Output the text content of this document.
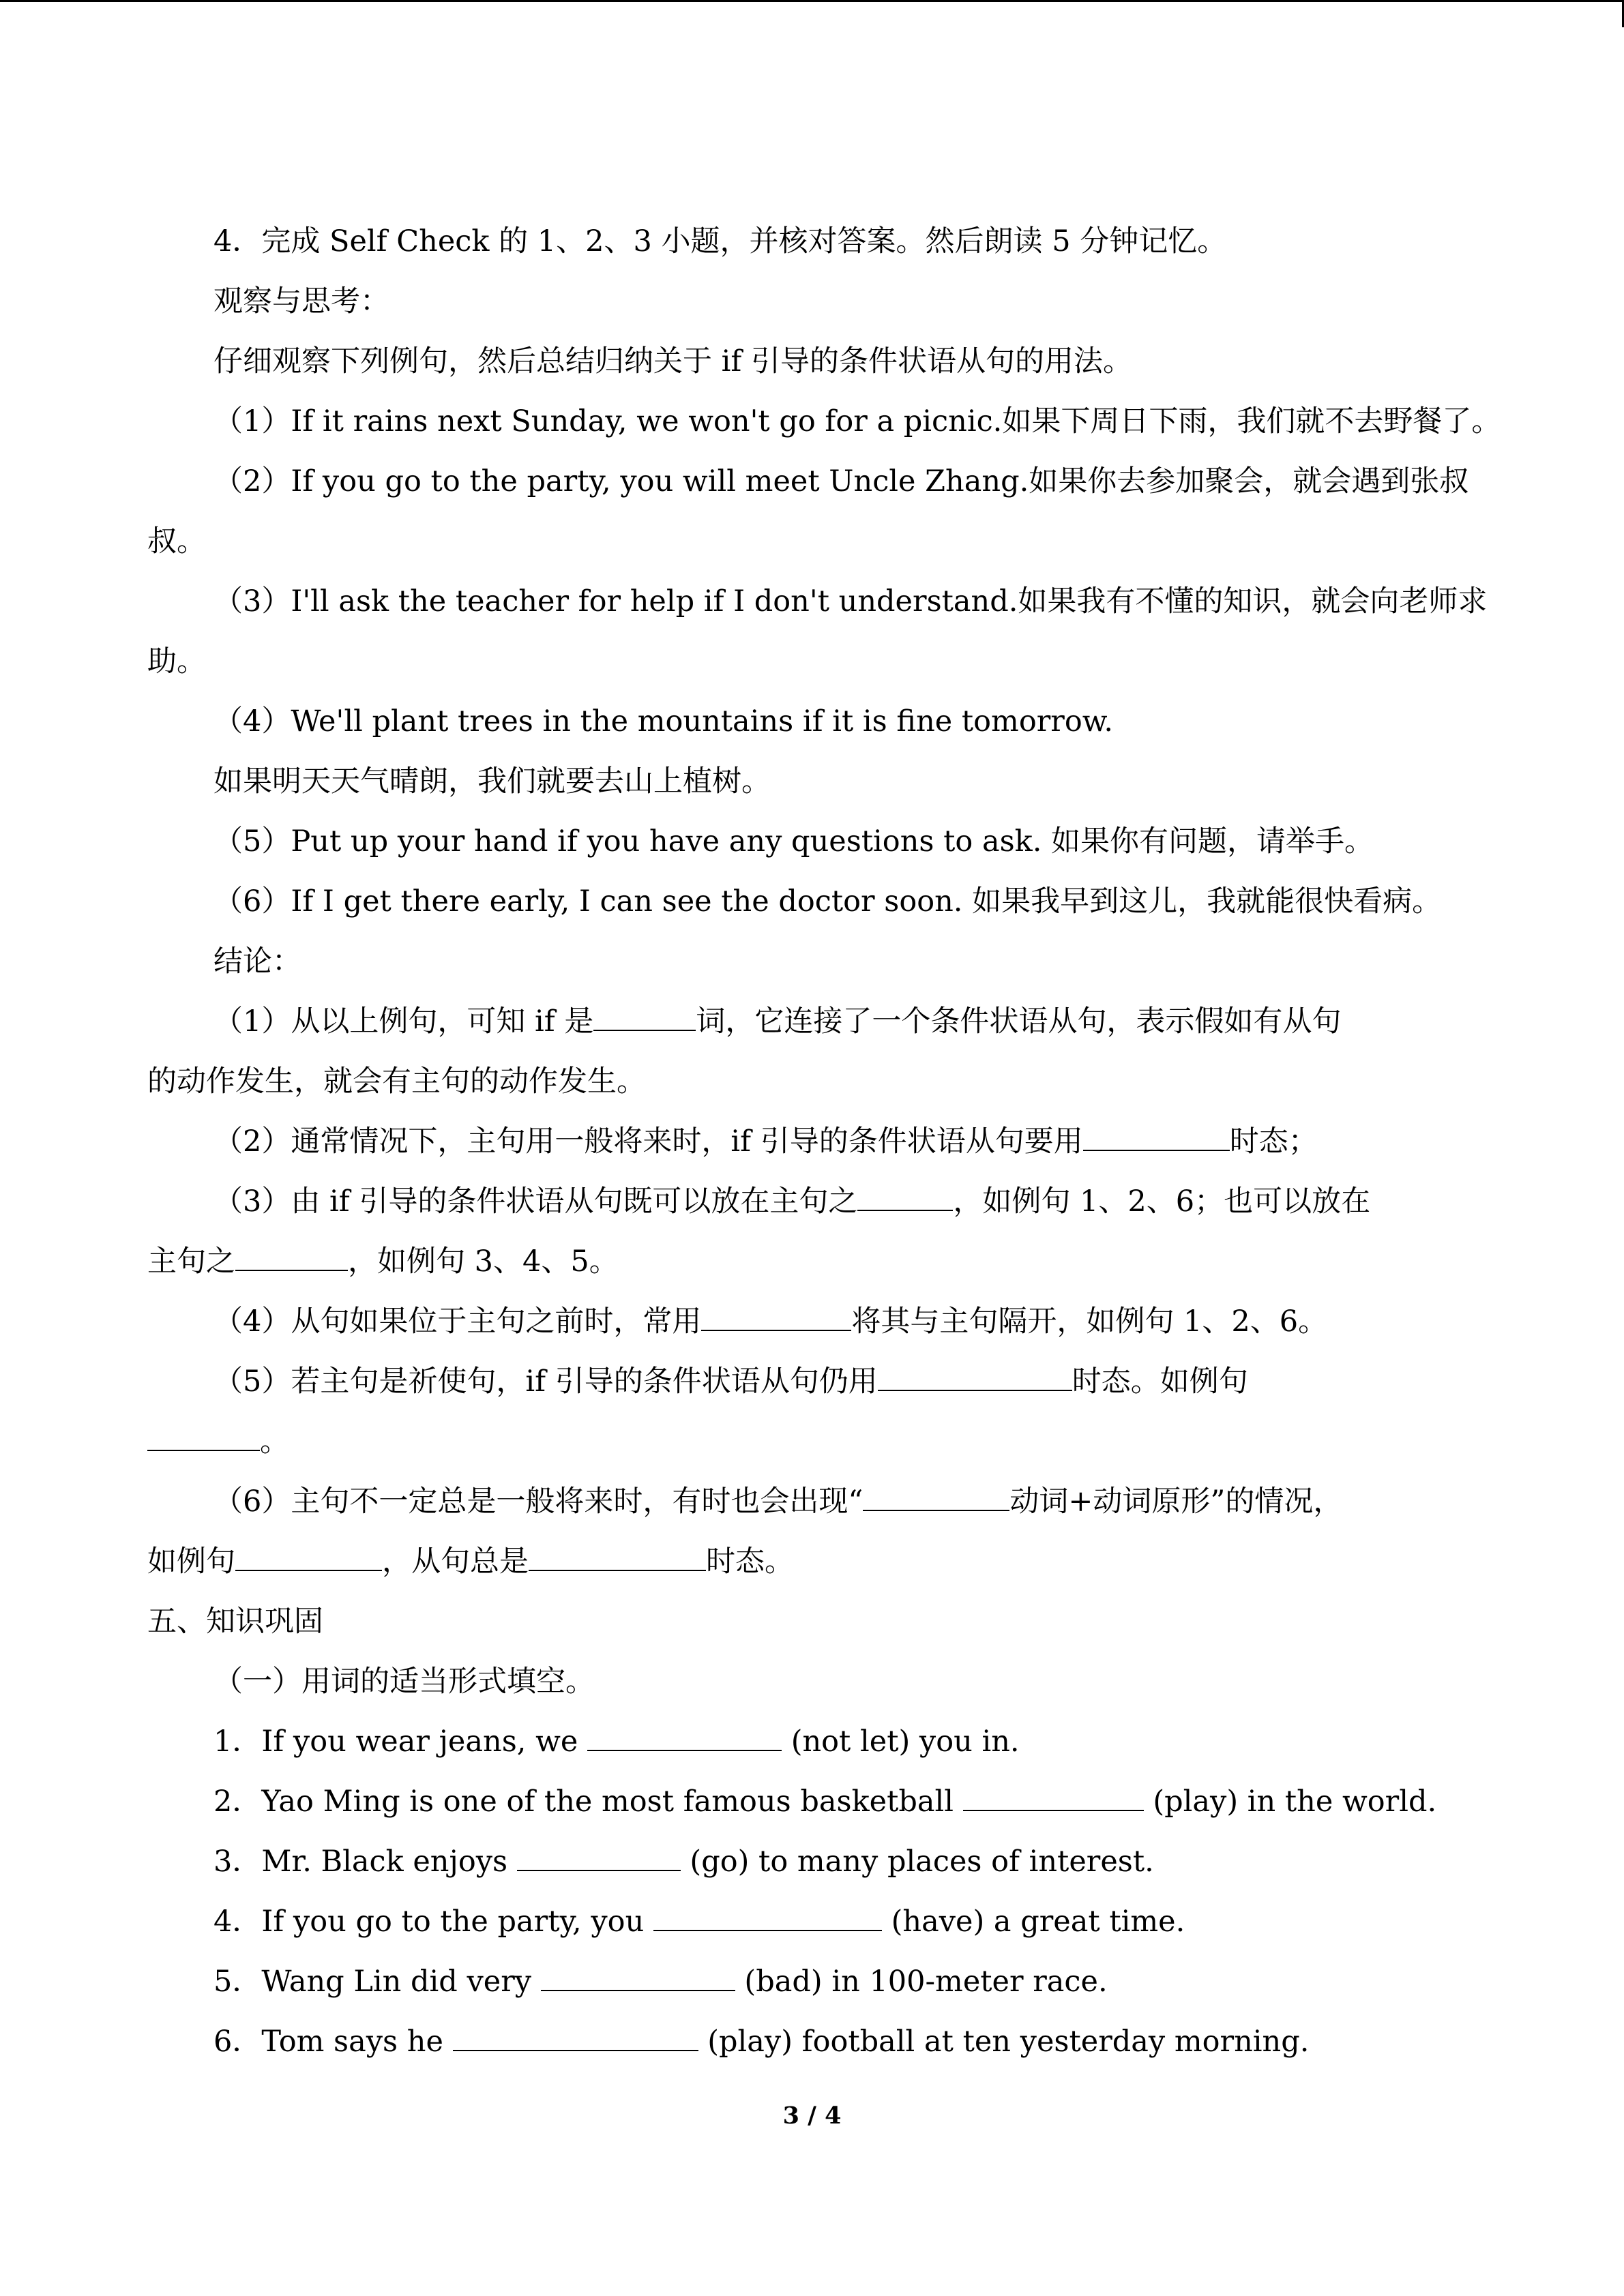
4．完成 Self Check 的 1、2、3 小题，并核对答案。然后朗读 5 分钟记忆。
观察与思考：
仔细观察下列例句，然后总结归纳关于 if 引导的条件状语从句的用法。
（1）If it rains next Sunday, we won't go for a picnic.如果下周日下雨，我们就不去野餐了。
（2）If you go to the party, you will meet Uncle Zhang.如果你去参加聚会，就会遇到张叔
叔。
（3）I'll ask the teacher for help if I don't understand.如果我有不懂的知识，就会向老师求
助。
（4）We'll plant trees in the mountains if it is fine tomorrow.
如果明天天气晴朗，我们就要去山上植树。
（5）Put up your hand if you have any questions to ask. 如果你有问题，请举手。
（6）If I get there early, I can see the doctor soon. 如果我早到这儿，我就能很快看病。
结论：
（1）从以上例句，可知 if 是	词，它连接了一个条件状语从句，表示假如有从句
的动作发生，就会有主句的动作发生。
（2）通常情况下，主句用一般将来时，if 引导的条件状语从句要用	时态；
（3）由 if 引导的条件状语从句既可以放在主句之	，如例句 1、2、6；也可以放在
主句之	，如例句 3、4、5。
（4）从句如果位于主句之前时，常用	将其与主句隔开，如例句 1、2、6。
（5）若主句是祈使句，if 引导的条件状语从句仍用	时态。如例句
。
（6）主句不一定总是一般将来时，有时也会出现“	动词+动词原形”的情况，
如例句	，从句总是	时态。
五、知识巩固
（一）用词的适当形式填空。
1．If you wear jeans, we	(not let) you in.
2．Yao Ming is one of the most famous basketball	(play) in the world.
3．Mr. Black enjoys	(go) to many places of interest.
4．If you go to the party, you	(have) a great time.
5．Wang Lin did very	(bad) in 100-meter race.
6．Tom says he	(play) football at ten yesterday morning.
3 / 4
